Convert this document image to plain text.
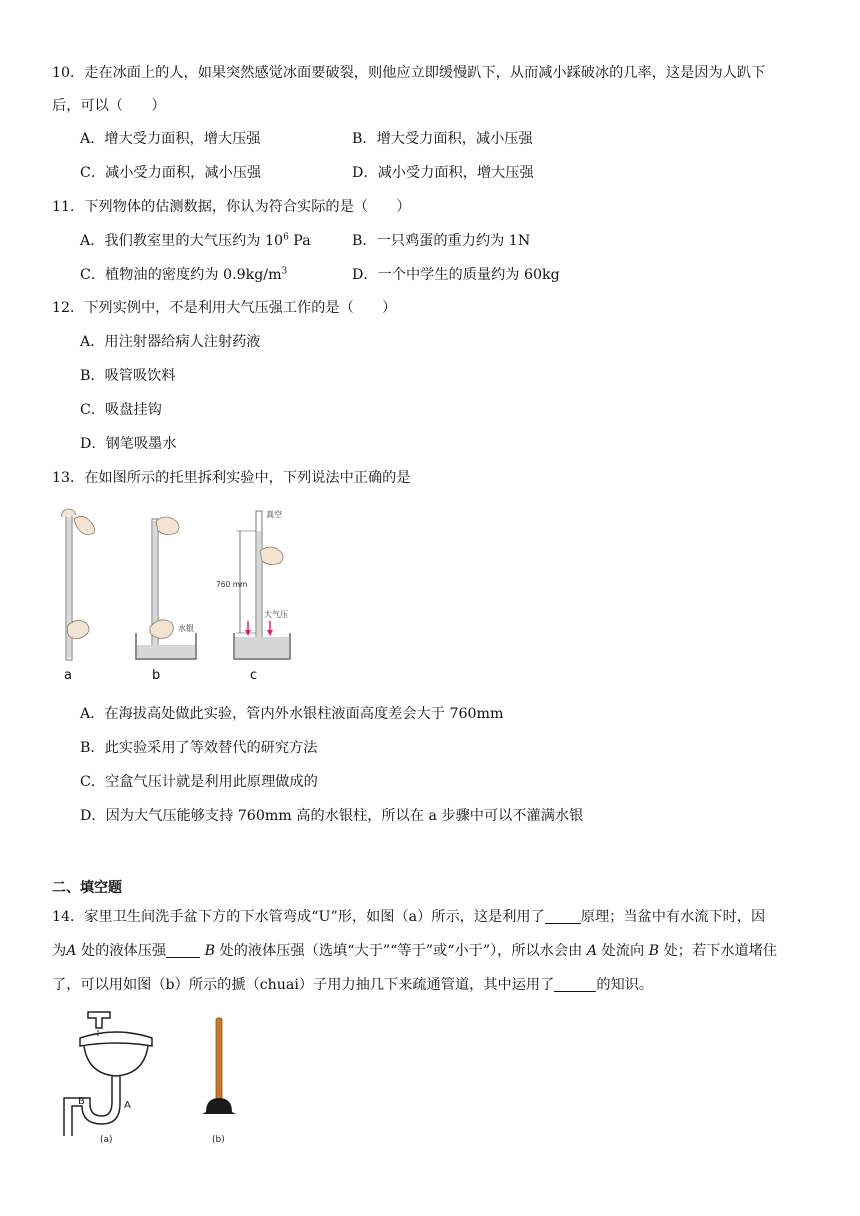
10．走在冰面上的人，如果突然感觉冰面要破裂，则他应立即缓慢趴下，从而减小踩破冰的几率，这是因为人趴下
后，可以（　　）
A．增大受力面积，增大压强	B．增大受力面积，减小压强
C．减小受力面积，减小压强	D．减小受力面积，增大压强
11．下列物体的估测数据，你认为符合实际的是（　　）
A．我们教室里的大气压约为 $10^6$ Pa	B．一只鸡蛋的重力约为 1N
C．植物油的密度约为 $0.9kg/m^3$	D．一个中学生的质量约为 60kg
12．下列实例中，不是利用大气压强工作的是（　　）
A．用注射器给病人注射药液
B．吸管吸饮料
C．吸盘挂钩
D．钢笔吸墨水
13．在如图所示的托里拆利实验中，下列说法中正确的是
a
水银
b
真空
760 mm
大气压
c
A．在海拔高处做此实验，管内外水银柱液面高度差会大于 760mm
B．此实验采用了等效替代的研究方法
C．空盒气压计就是利用此原理做成的
D．因为大气压能够支持 760mm 高的水银柱，所以在 a 步骤中可以不灌满水银
二、填空题
14．家里卫生间洗手盆下方的下水管弯成“U”形，如图（a）所示，这是利用了	原理；当盆中有水流下时，因
为A 处的液体压强	B 处的液体压强（选填“大于”“等于”或“小于”），所以水会由 A 处流向 B 处；若下水道堵住
了，可以用如图（b）所示的搋（chuai）子用力抽几下来疏通管道，其中运用了	的知识。
B	A
(a)	(b)
